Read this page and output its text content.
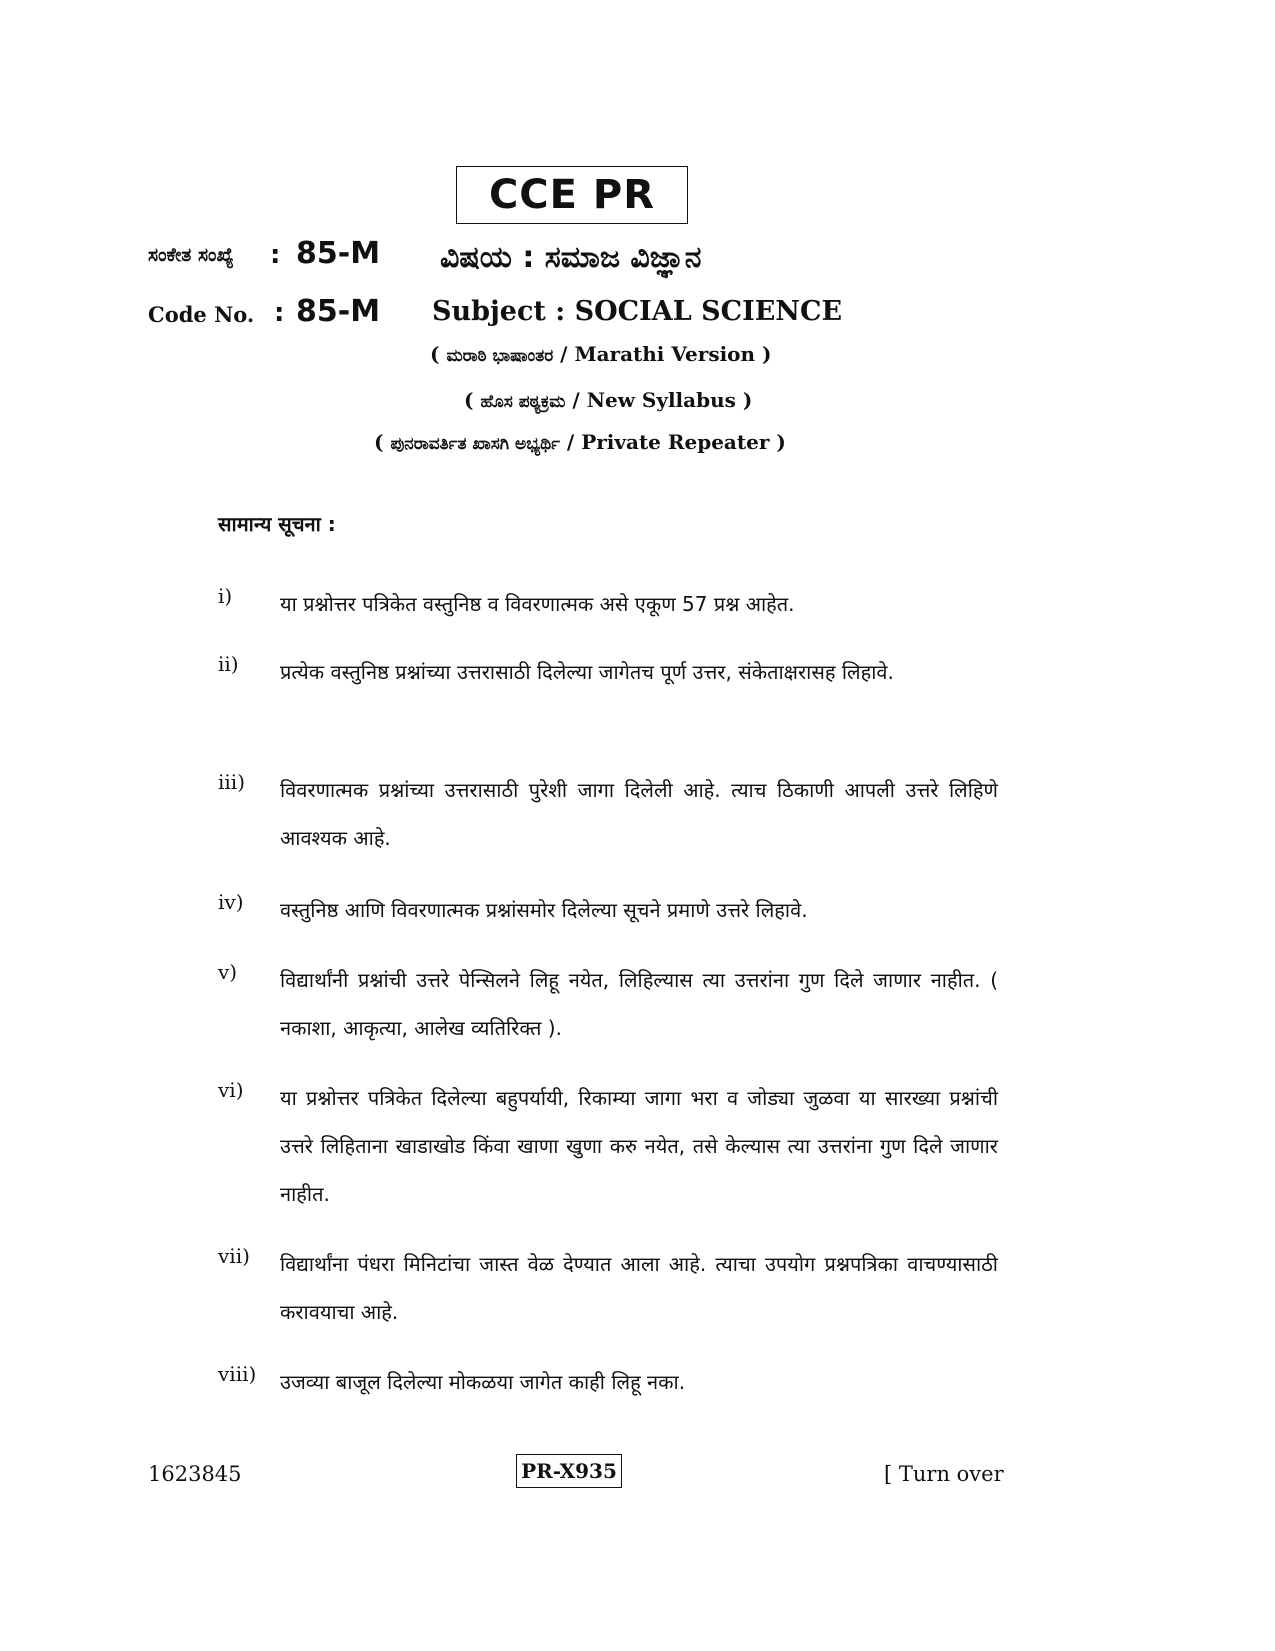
CCE PR
ಸಂಕೇತ ಸಂಖ್ಯೆ : 85-M ವಿಷಯ : ಸಮಾಜ ವಿಜ್ಞಾನ
Code No. : 85-M Subject : SOCIAL SCIENCE
( ಮರಾಠಿ ಭಾಷಾಂತರ / Marathi Version )
( ಹೊಸ ಪಠ್ಯಕ್ರಮ / New Syllabus )
( ಪುನರಾವರ್ತಿತ ಖಾಸಗಿ ಅಭ್ಯರ್ಥಿ / Private Repeater )
सामान्य सूचना :
i) या प्रश्नोत्तर पत्रिकेत वस्तुनिष्ठ व विवरणात्मक असे एकूण 57 प्रश्न आहेत.
ii) प्रत्येक वस्तुनिष्ठ प्रश्नांच्या उत्तरासाठी दिलेल्या जागेतच पूर्ण उत्तर, संकेताक्षरासह लिहावे.
iii) विवरणात्मक प्रश्नांच्या उत्तरासाठी पुरेशी जागा दिलेली आहे. त्याच ठिकाणी आपली उत्तरे लिहिणे आवश्यक आहे.
iv) वस्तुनिष्ठ आणि विवरणात्मक प्रश्नांसमोर दिलेल्या सूचने प्रमाणे उत्तरे लिहावे.
v) विद्यार्थांनी प्रश्नांची उत्तरे पेन्सिलने लिहू नयेत, लिहिल्यास त्या उत्तरांना गुण दिले जाणार नाहीत. ( नकाशा, आकृत्या, आलेख व्यतिरिक्त ).
vi) या प्रश्नोत्तर पत्रिकेत दिलेल्या बहुपर्यायी, रिकाम्या जागा भरा व जोड्या जुळवा या सारख्या प्रश्नांची उत्तरे लिहिताना खाडाखोड किंवा खाणा खुणा करु नयेत, तसे केल्यास त्या उत्तरांना गुण दिले जाणार नाहीत.
vii) विद्यार्थांना पंधरा मिनिटांचा जास्त वेळ देण्यात आला आहे. त्याचा उपयोग प्रश्नपत्रिका वाचण्यासाठी करावयाचा आहे.
viii) उजव्या बाजूल दिलेल्या मोकळया जागेत काही लिहू नका.
1623845	PR-X935	[ Turn over
